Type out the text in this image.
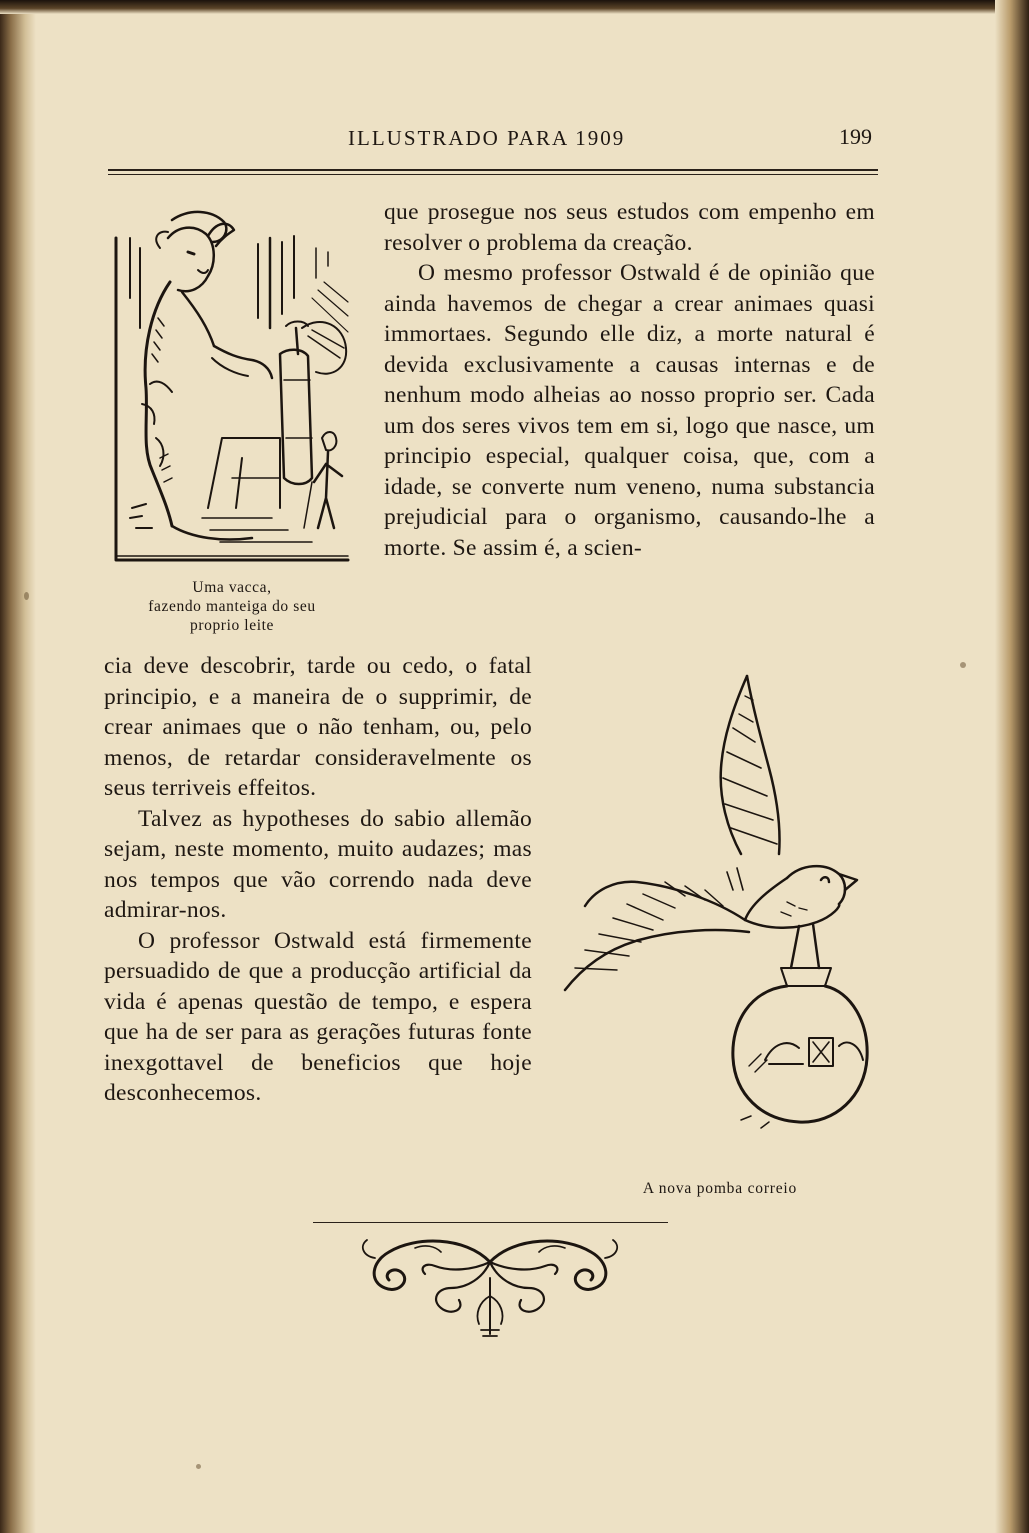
ILLUSTRADO PARA 1909	199
Uma vacca,
fazendo manteiga do seu
proprio leite

que prosegue nos seus estudos com empenho em resolver o problema da creação.

O mesmo professor Ostwald é de opinião que ainda havemos de chegar a crear animaes quasi immortaes. Segundo elle diz, a morte natural é devida exclusivamente a causas internas e de nenhum modo alheias ao nosso proprio ser. Cada um dos seres vivos tem em si, logo que nasce, um principio especial, qualquer coisa, que, com a idade, se converte num veneno, numa substancia prejudicial para o organismo, causando-lhe a morte. Se assim é, a scien-

cia deve descobrir, tarde ou cedo, o fatal principio, e a maneira de o supprimir, de crear animaes que o não tenham, ou, pelo menos, de retardar consideravelmente os seus terriveis effeitos.

Talvez as hypotheses do sabio allemão sejam, neste momento, muito audazes; mas nos tempos que vão correndo nada deve admirar-nos.

O professor Ostwald está firmemente persuadido de que a producção artificial da vida é apenas questão de tempo, e espera que ha de ser para as gerações futuras fonte inexgottavel de beneficios que hoje desconhecemos.

A nova pomba correio
